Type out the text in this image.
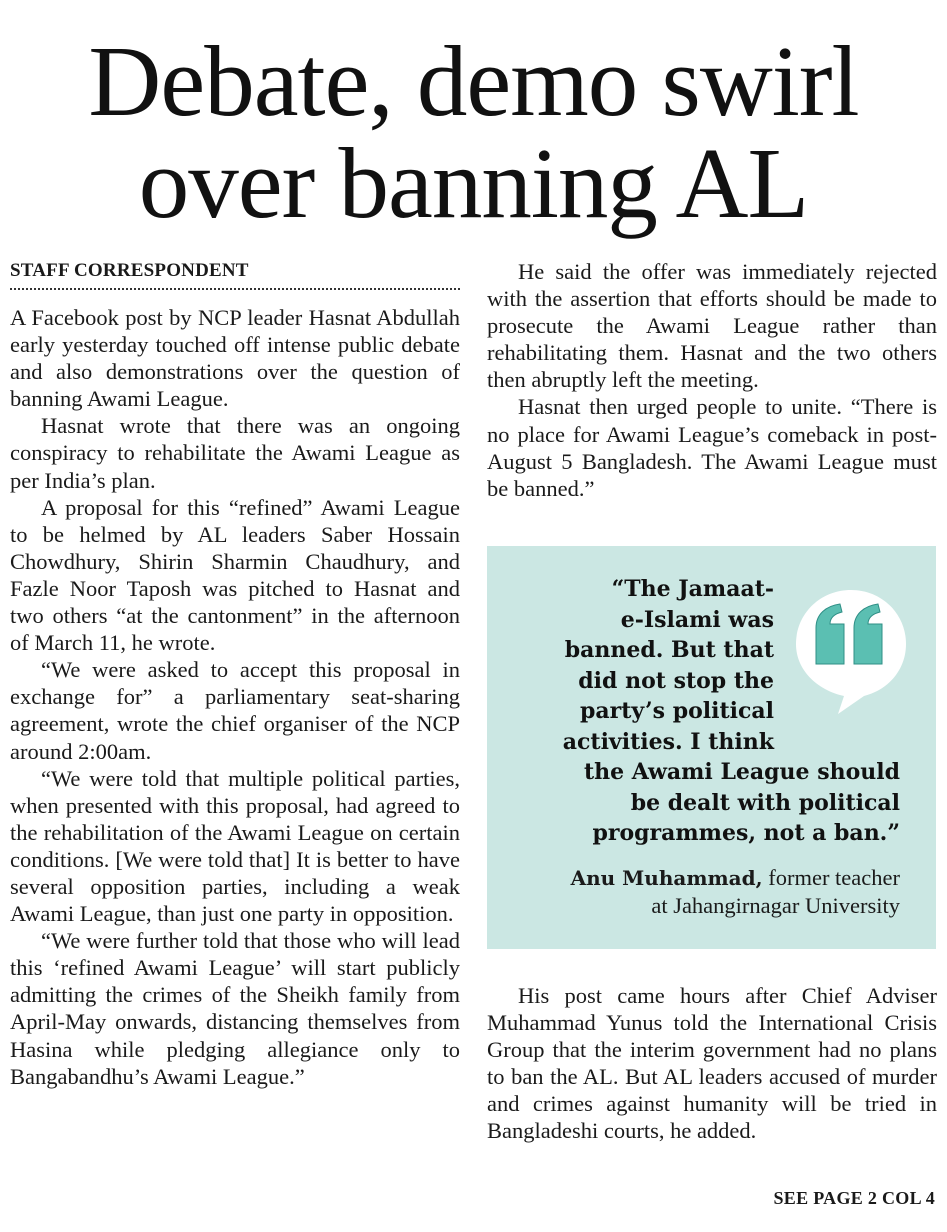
Debate, demo swirl
over banning AL
STAFF CORRESPONDENT

A Facebook post by NCP leader Hasnat Abdullah early yesterday touched off intense public debate and also demonstrations over the question of banning Awami League.

Hasnat wrote that there was an ongoing conspiracy to rehabilitate the Awami League as per India’s plan.

A proposal for this “refined” Awami League to be helmed by AL leaders Saber Hossain Chowdhury, Shirin Sharmin Chaudhury, and Fazle Noor Taposh was pitched to Hasnat and two others “at the cantonment” in the afternoon of March 11, he wrote.

“We were asked to accept this proposal in exchange for” a parliamentary seat-sharing agreement, wrote the chief organiser of the NCP around 2:00am.

“We were told that multiple political parties, when presented with this proposal, had agreed to the rehabilitation of the Awami League on certain conditions. [We were told that] It is better to have several opposition parties, including a weak Awami League, than just one party in opposition.

“We were further told that those who will lead this ‘refined Awami League’ will start publicly admitting the crimes of the Sheikh family from April-May onwards, distancing themselves from Hasina while pledging allegiance only to Bangabandhu’s Awami League.”

He said the offer was immediately rejected with the assertion that efforts should be made to prosecute the Awami League rather than rehabilitating them. Hasnat and the two others then abruptly left the meeting.

Hasnat then urged people to unite. “There is no place for Awami League’s comeback in post-August 5 Bangladesh. The Awami League must be banned.”

“The Jamaat-
e-Islami was
banned. But that
did not stop the
party’s political
activities. I think
the Awami League should
be dealt with political
programmes, not a ban.”
Anu Muhammad, former teacher
at Jahangirnagar University

His post came hours after Chief Adviser Muhammad Yunus told the International Crisis Group that the interim government had no plans to ban the AL. But AL leaders accused of murder and crimes against humanity will be tried in Bangladeshi courts, he added.

SEE PAGE 2 COL 4
